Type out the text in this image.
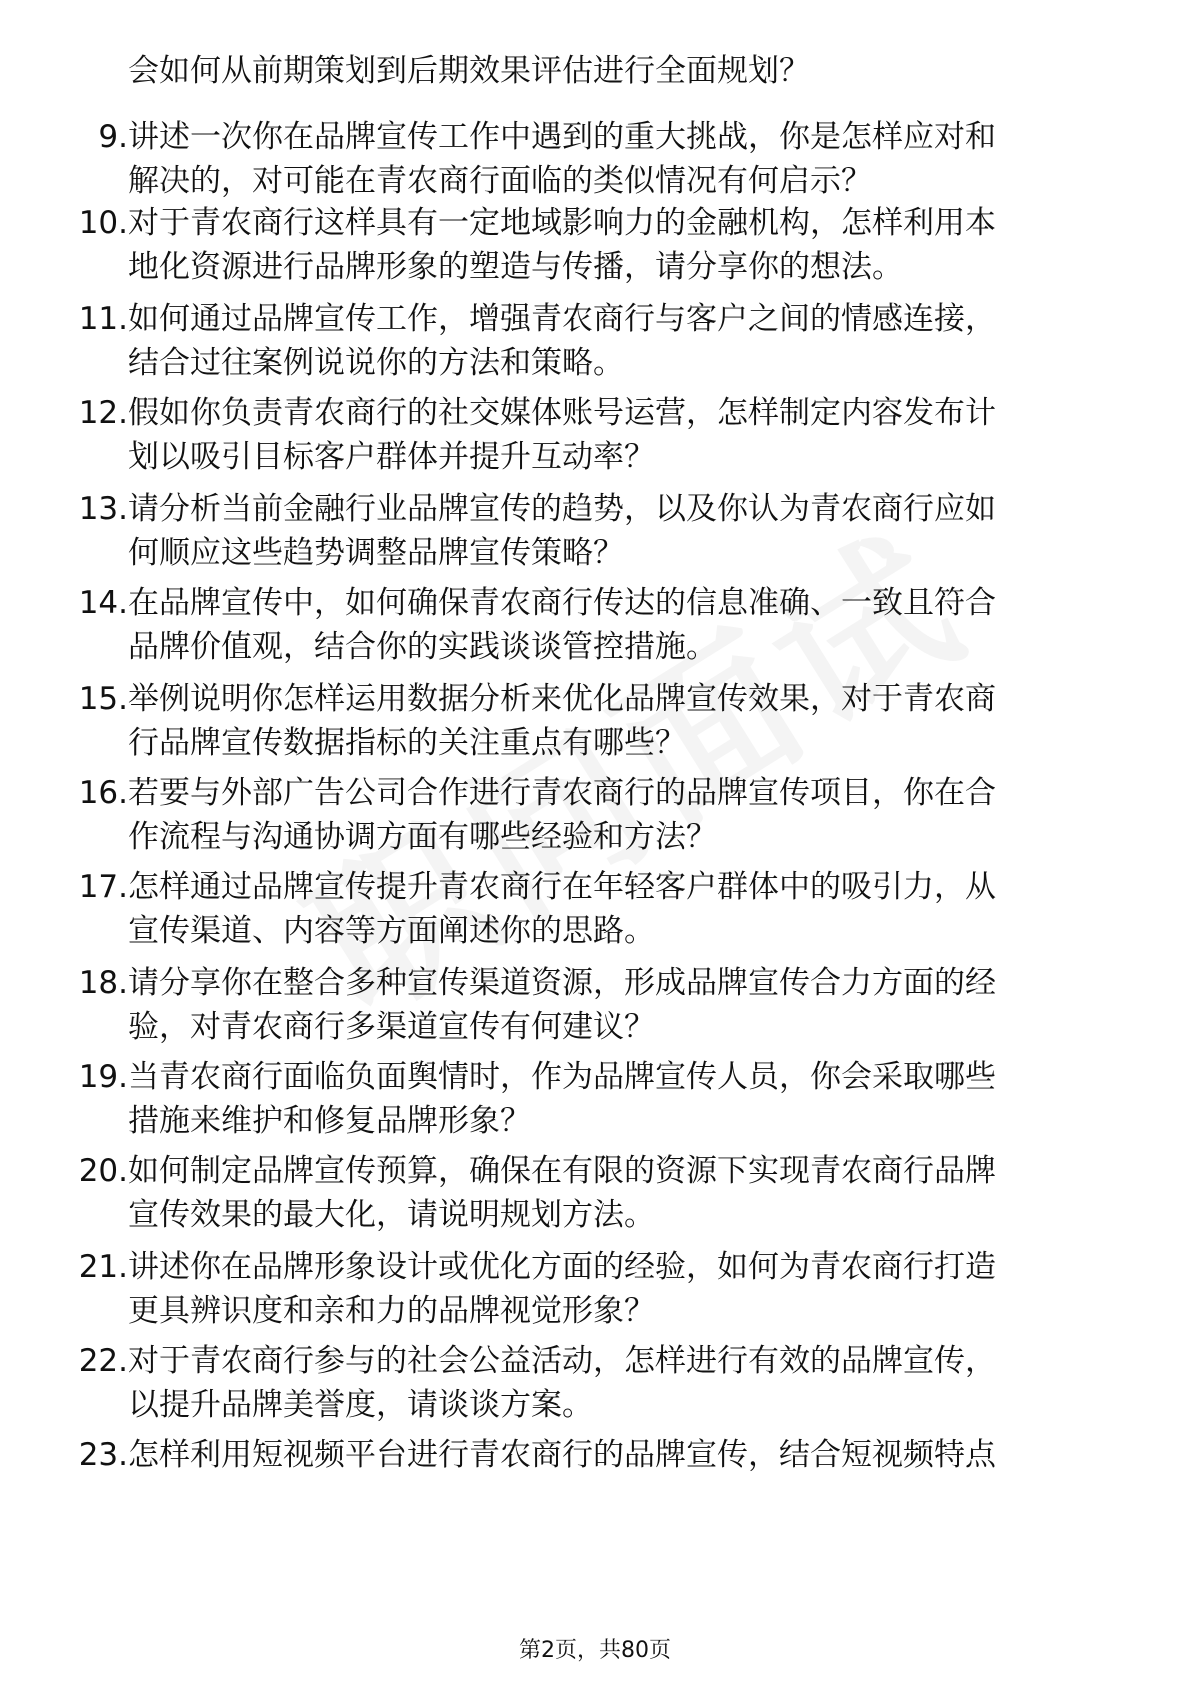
会如何从前期策划到后期效果评估进行全面规划？
9. 讲述一次你在品牌宣传工作中遇到的重大挑战，你是怎样应对和
解决的，对可能在青农商行面临的类似情况有何启示？
10. 对于青农商行这样具有一定地域影响力的金融机构，怎样利用本
地化资源进行品牌形象的塑造与传播，请分享你的想法。
11. 如何通过品牌宣传工作，增强青农商行与客户之间的情感连接，
结合过往案例说说你的方法和策略。
12. 假如你负责青农商行的社交媒体账号运营，怎样制定内容发布计
划以吸引目标客户群体并提升互动率？
13. 请分析当前金融行业品牌宣传的趋势，以及你认为青农商行应如
何顺应这些趋势调整品牌宣传策略？
14. 在品牌宣传中，如何确保青农商行传达的信息准确、一致且符合
品牌价值观，结合你的实践谈谈管控措施。
15. 举例说明你怎样运用数据分析来优化品牌宣传效果，对于青农商
行品牌宣传数据指标的关注重点有哪些？
16. 若要与外部广告公司合作进行青农商行的品牌宣传项目，你在合
作流程与沟通协调方面有哪些经验和方法？
17. 怎样通过品牌宣传提升青农商行在年轻客户群体中的吸引力，从
宣传渠道、内容等方面阐述你的思路。
18. 请分享你在整合多种宣传渠道资源，形成品牌宣传合力方面的经
验，对青农商行多渠道宣传有何建议？
19. 当青农商行面临负面舆情时，作为品牌宣传人员，你会采取哪些
措施来维护和修复品牌形象？
20. 如何制定品牌宣传预算，确保在有限的资源下实现青农商行品牌
宣传效果的最大化，请说明规划方法。
21. 讲述你在品牌形象设计或优化方面的经验，如何为青农商行打造
更具辨识度和亲和力的品牌视觉形象？
22. 对于青农商行参与的社会公益活动，怎样进行有效的品牌宣传，
以提升品牌美誉度，请谈谈方案。
23. 怎样利用短视频平台进行青农商行的品牌宣传，结合短视频特点
第2页，共80页
